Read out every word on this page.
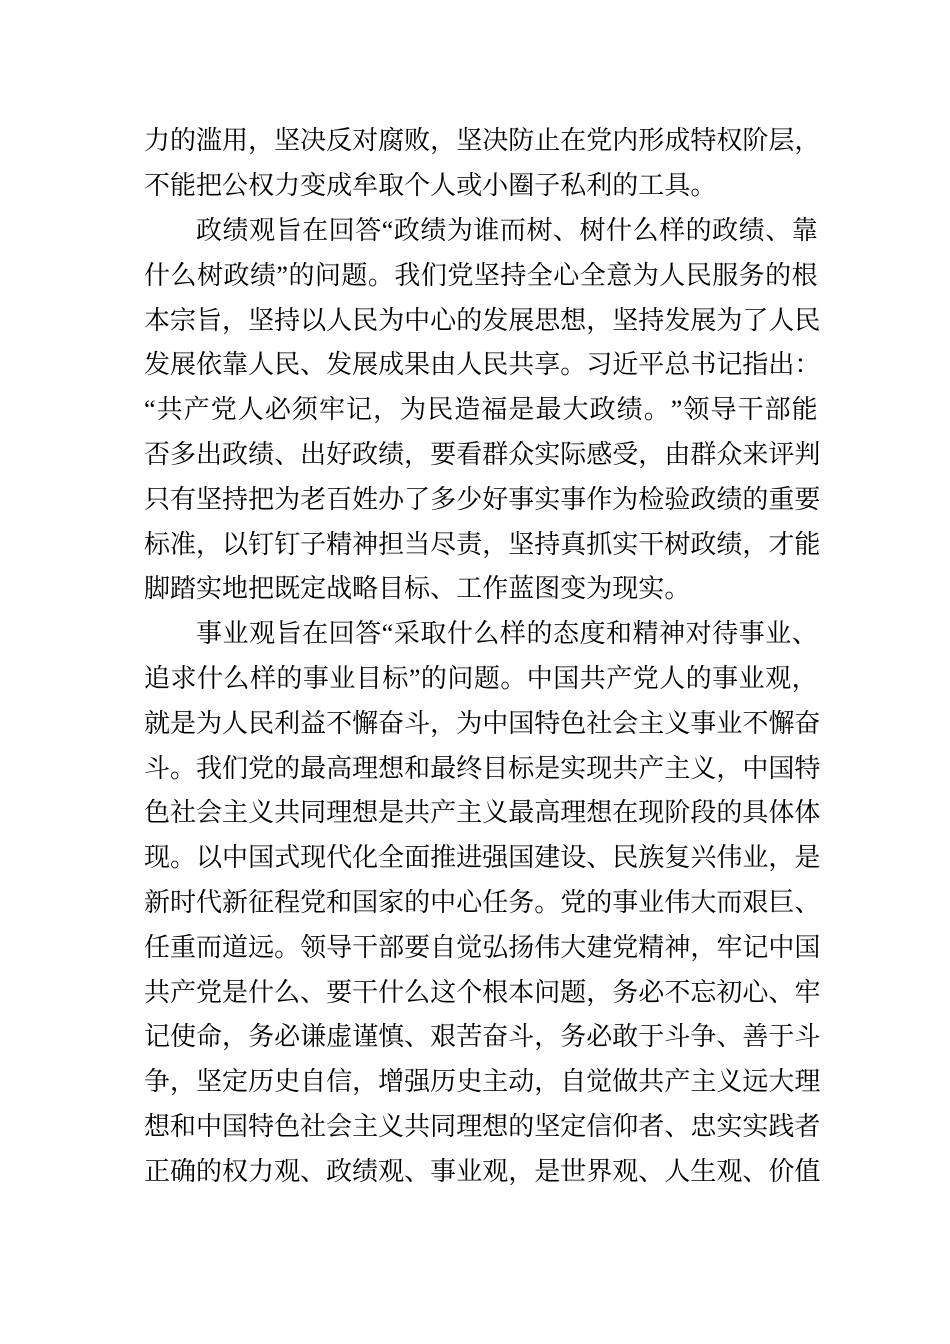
力 的 滥 用 ， 坚 决 反 对 腐 败 ， 坚 决 防 止 在 党 内 形 成 特 权 阶 层 ，

不 能 把 公 权 力 变 成 牟 取 个 人 或 小 圈 子 私 利 的 工 具 。

政 绩 观 旨 在 回 答 “ 政 绩 为 谁 而 树 、 树 什 么 样 的 政 绩 、 靠

什 么 树 政 绩 ” 的 问 题 。 我 们 党 坚 持 全 心 全 意 为 人 民 服 务 的 根

本 宗 旨 ， 坚 持 以 人 民 为 中 心 的 发 展 思 想 ， 坚 持 发 展 为 了 人 民

发 展 依 靠 人 民 、 发 展 成 果 由 人 民 共 享 。 习 近 平 总 书 记 指 出 ：

“ 共 产 党 人 必 须 牢 记 ， 为 民 造 福 是 最 大 政 绩 。 ” 领 导 干 部 能

否 多 出 政 绩 、 出 好 政 绩 ， 要 看 群 众 实 际 感 受 ， 由 群 众 来 评 判

只 有 坚 持 把 为 老 百 姓 办 了 多 少 好 事 实 事 作 为 检 验 政 绩 的 重 要

标 准 ， 以 钉 钉 子 精 神 担 当 尽 责 ， 坚 持 真 抓 实 干 树 政 绩 ， 才 能

脚 踏 实 地 把 既 定 战 略 目 标 、 工 作 蓝 图 变 为 现 实 。

事 业 观 旨 在 回 答 “ 采 取 什 么 样 的 态 度 和 精 神 对 待 事 业 、

追 求 什 么 样 的 事 业 目 标 ” 的 问 题 。 中 国 共 产 党 人 的 事 业 观 ，

就 是 为 人 民 利 益 不 懈 奋 斗 ， 为 中 国 特 色 社 会 主 义 事 业 不 懈 奋

斗 。 我 们 党 的 最 高 理 想 和 最 终 目 标 是 实 现 共 产 主 义 ， 中 国 特

色 社 会 主 义 共 同 理 想 是 共 产 主 义 最 高 理 想 在 现 阶 段 的 具 体 体

现 。 以 中 国 式 现 代 化 全 面 推 进 强 国 建 设 、 民 族 复 兴 伟 业 ， 是

新 时 代 新 征 程 党 和 国 家 的 中 心 任 务 。 党 的 事 业 伟 大 而 艰 巨 、

任 重 而 道 远 。 领 导 干 部 要 自 觉 弘 扬 伟 大 建 党 精 神 ， 牢 记 中 国

共 产 党 是 什 么 、 要 干 什 么 这 个 根 本 问 题 ， 务 必 不 忘 初 心 、 牢

记 使 命 ， 务 必 谦 虚 谨 慎 、 艰 苦 奋 斗 ， 务 必 敢 于 斗 争 、 善 于 斗

争 ， 坚 定 历 史 自 信 ， 增 强 历 史 主 动 ， 自 觉 做 共 产 主 义 远 大 理

想 和 中 国 特 色 社 会 主 义 共 同 理 想 的 坚 定 信 仰 者 、 忠 实 实 践 者

正 确 的 权 力 观 、 政 绩 观 、 事 业 观 ， 是 世 界 观 、 人 生 观 、 价 值
